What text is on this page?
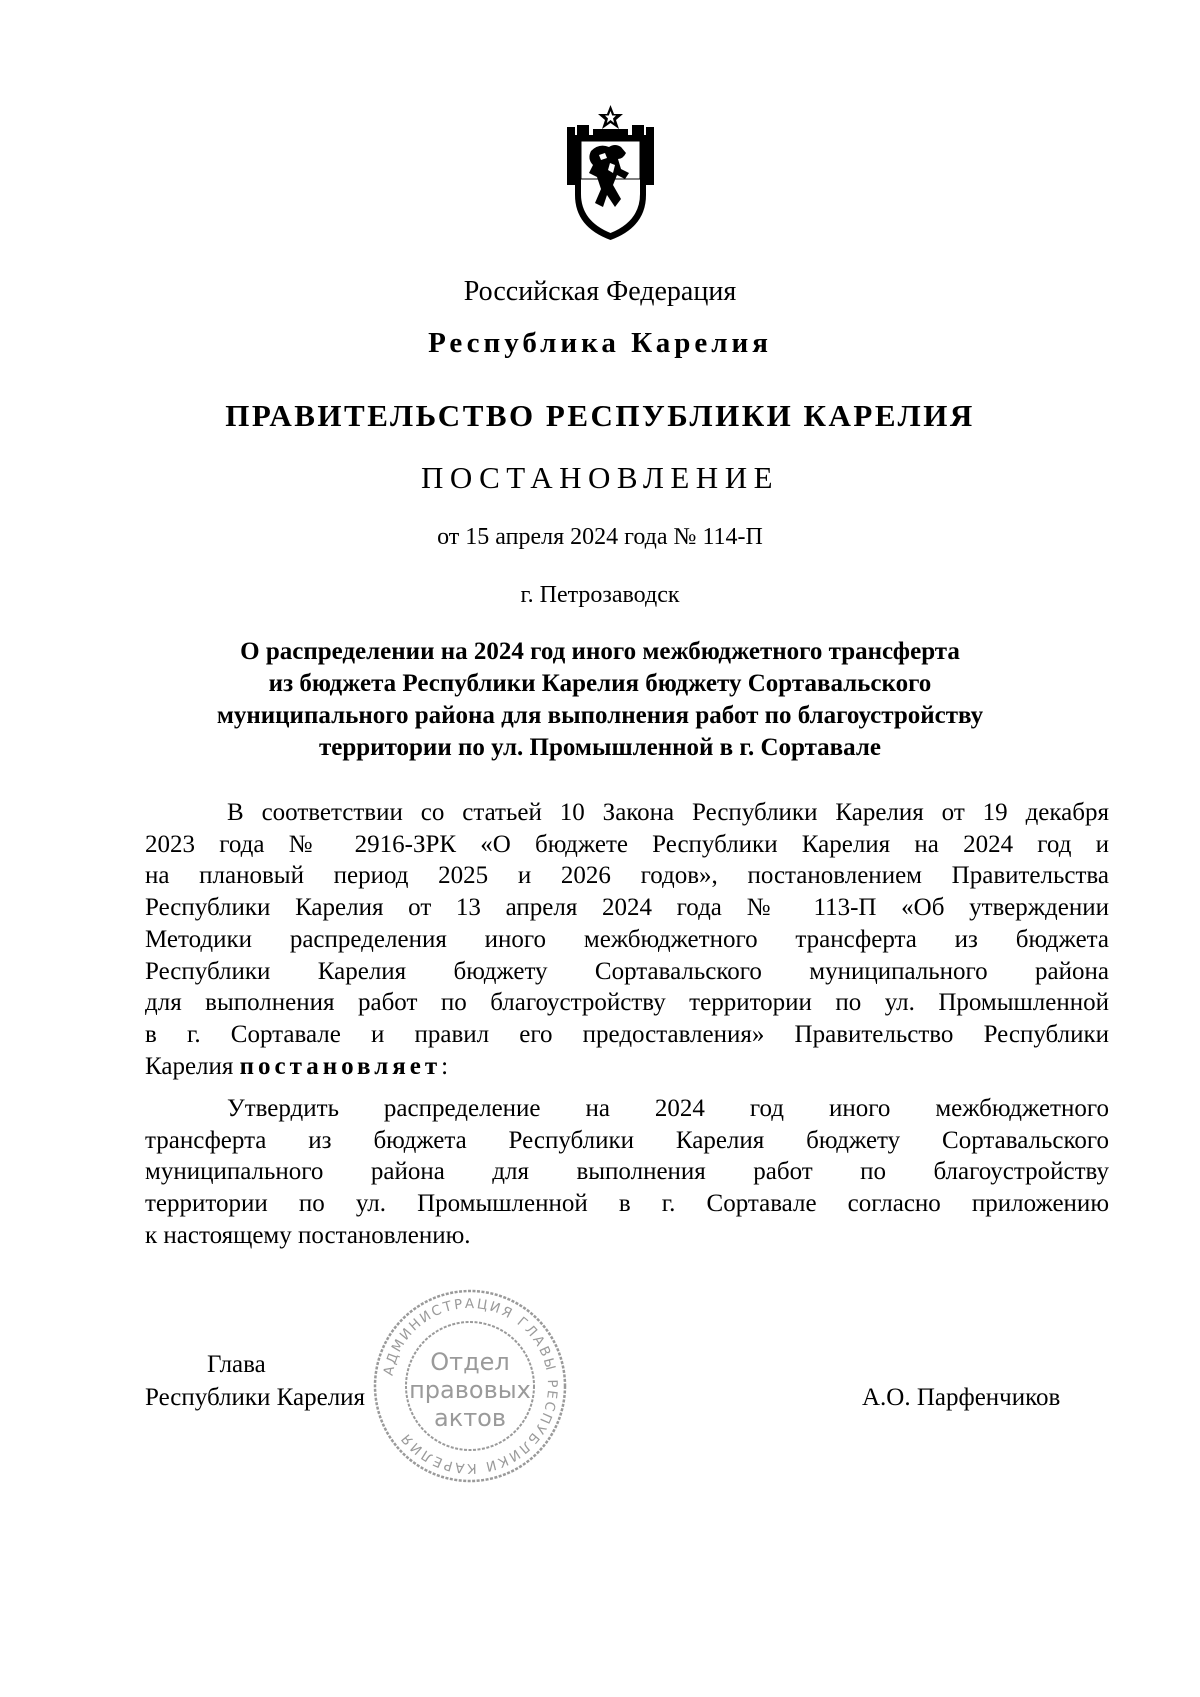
Российская Федерация
Республика Карелия
ПРАВИТЕЛЬСТВО РЕСПУБЛИКИ КАРЕЛИЯ
ПОСТАНОВЛЕНИЕ
от 15 апреля 2024 года № 114-П
г. Петрозаводск
О распределении на 2024 год иного межбюджетного трансферта
из бюджета Республики Карелия бюджету Сортавальского
муниципального района для выполнения работ по благоустройству
территории по ул. Промышленной в г. Сортавале
В соответствии со статьей 10 Закона Республики Карелия от 19 декабря
2023 года № 2916-ЗРК «О бюджете Республики Карелия на 2024 год и
на плановый период 2025 и 2026 годов», постановлением Правительства
Республики Карелия от 13 апреля 2024 года № 113-П «Об утверждении
Методики распределения иного межбюджетного трансферта из бюджета
Республики Карелия бюджету Сортавальского муниципального района
для выполнения работ по благоустройству территории по ул. Промышленной
в г. Сортавале и правил его предоставления» Правительство Республики
Карелия постановляет:
Утвердить распределение на 2024 год иного межбюджетного
трансферта из бюджета Республики Карелия бюджету Сортавальского
муниципального района для выполнения работ по благоустройству
территории по ул. Промышленной в г. Сортавале согласно приложению
к настоящему постановлению.
АДМИНИСТРАЦИЯ ГЛАВЫ РЕСПУБЛИКИ КАРЕЛИЯ
Отдел
правовых
актов
Глава
Республики Карелия	А.О. Парфенчиков
